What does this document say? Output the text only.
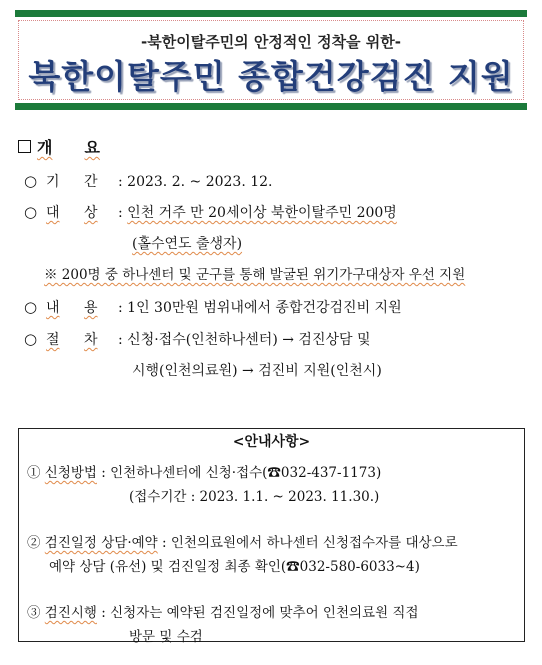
-북한이탈주민의 안정적인 정착을 위한-
북한이탈주민 종합건강검진 지원
개 요
○ 기 간 : 2023. 2. ~ 2023. 12.
○ 대 상 : 인천 거주 만 20세이상 북한이탈주민 200명
(홀수연도 출생자)
※ 200명 중 하나센터 및 군구를 통해 발굴된 위기가구대상자 우선 지원
○ 내 용 : 1인 30만원 범위내에서 종합건강검진비 지원
○ 절 차 : 신청·접수(인천하나센터) → 검진상담 및
시행(인천의료원) → 검진비 지원(인천시)
<안내사항>
① 신청방법 : 인천하나센터에 신청·접수(☎032-437-1173)
(접수기간 : 2023. 1.1. ~ 2023. 11.30.)
② 검진일정 상담·예약 : 인천의료원에서 하나센터 신청접수자를 대상으로
예약 상담 (유선) 및 검진일정 최종 확인(☎032-580-6033~4)
③ 검진시행 : 신청자는 예약된 검진일정에 맞추어 인천의료원 직접
방문 및 수검
